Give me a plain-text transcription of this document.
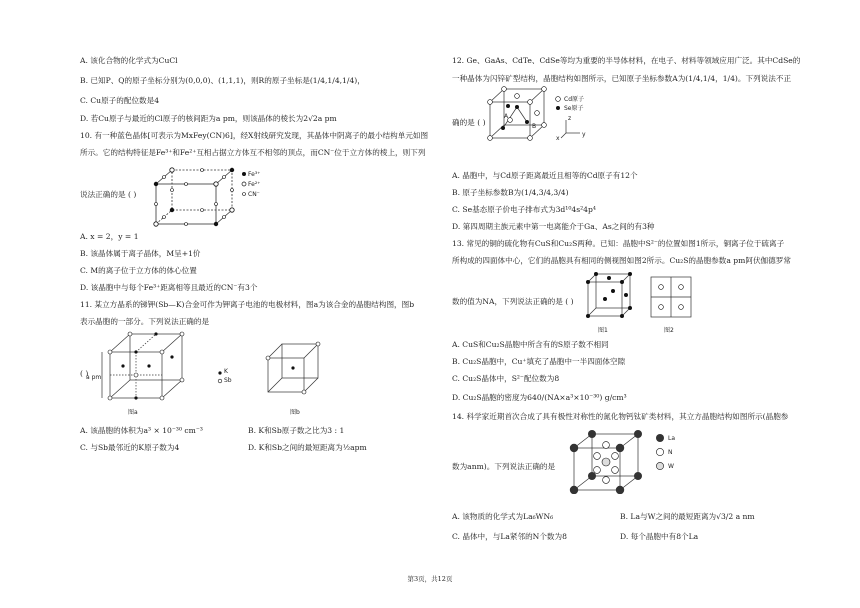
A. 该化合物的化学式为CuCl
B. 已知P、Q的原子坐标分别为(0,0,0)、(1,1,1)，则R的原子坐标是(1/4,1/4,1/4)，
C. Cu原子的配位数是4
D. 若Cu原子与最近的Cl原子的核间距为a pm，则该晶体的棱长为2√2a pm
10. 有一种蓝色晶体[可表示为MxFey(CN)6]，经X射线研究发现，其晶体中阴离子的最小结构单元如图
所示。它的结构特征是Fe³⁺和Fe²⁺互相占据立方体互不相邻的顶点，而CN⁻位于立方体的棱上，则下列
说法正确的是 ( )
Fe³⁺
Fe²⁺
CN⁻
A. x = 2，y = 1
B. 该晶体属于离子晶体，M呈+1价
C. M的离子位于立方体的体心位置
D. 该晶胞中与每个Fe³⁺距离相等且最近的CN⁻有3个
11. 某立方晶系的锑钾(Sb—K)合金可作为钾离子电池的电极材料，图a为该合金的晶胞结构图，图b
表示晶胞的一部分。下列说法正确的是
( )
a pm
图a
K
Sb
图b
A. 该晶胞的体积为a³ × 10⁻³⁰ cm⁻³	B. K和Sb原子数之比为3 : 1
C. 与Sb最邻近的K原子数为4	D. K和Sb之间的最短距离为½apm
12. Ge、GaAs、CdTe、CdSe等均为重要的半导体材料，在电子、材料等领域应用广泛。其中CdSe的
一种晶体为闪锌矿型结构，晶胞结构如图所示，已知原子坐标参数A为(1/4,1/4，1/4)。下列说法不正
确的是 ( )
A
B
Cd原子
Se原子
z
y
x
A. 晶胞中，与Cd原子距离最近且相等的Cd原子有12个
B. 原子坐标参数B为(1/4,3/4,3/4)
C. Se基态原子价电子排布式为3d¹⁰4s²4p⁴
D. 第四周期主族元素中第一电离能介于Ga、As之间的有3种
13. 常见的铜的硫化物有CuS和Cu₂S两种。已知：晶胞中S²⁻的位置如图1所示，铜离子位于硫离子
所构成的四面体中心，它们的晶胞具有相同的侧视图如图2所示。Cu₂S的晶胞参数a pm阿伏伽德罗常
数的值为NA，下列说法正确的是 ( )
图1	图2
A. CuS和Cu₂S晶胞中所含有的S原子数不相同
B. Cu₂S晶胞中，Cu⁺填充了晶胞中一半四面体空隙
C. Cu₂S晶体中，S²⁻配位数为8
D. Cu₂S晶胞的密度为640/(NA×a³×10⁻³⁰) g/cm³
14. 科学家近期首次合成了具有极性对称性的氮化物钙钛矿类材料，其立方晶胞结构如图所示(晶胞参
数为anm)。下列说法正确的是
La
N
W
A. 该物质的化学式为La₆WN₆	B. La与W之间的最短距离为√3/2 a nm
C. 晶体中，与La紧邻的N个数为8	D. 每个晶胞中有8个La
第3页，共12页
